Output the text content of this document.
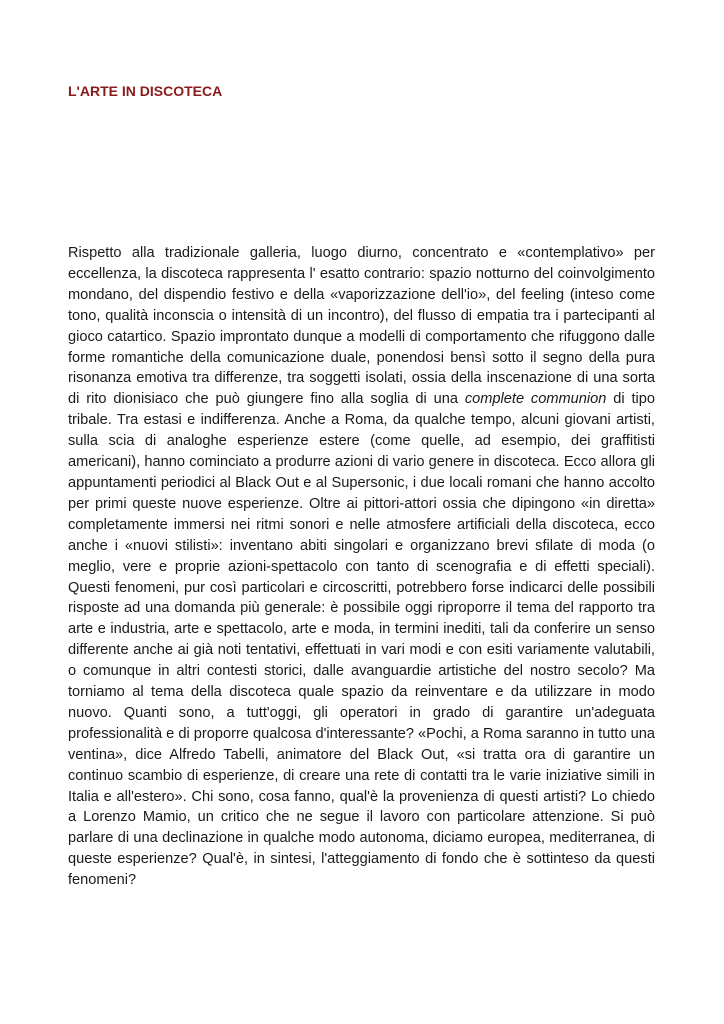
L'ARTE IN DISCOTECA

Rispetto alla tradizionale galleria, luogo diurno, concentrato e «contemplativo» per eccellenza, la discoteca rappresenta l' esatto contrario: spazio notturno del coinvolgimento mondano, del dispendio festivo e della «vaporizzazione dell'io», del feeling (inteso come tono, qualità inconscia o intensità di un incontro), del flusso di empatia tra i partecipanti al gioco catartico. Spazio improntato dunque a modelli di comportamento che rifuggono dalle forme romantiche della comunicazione duale, ponendosi bensì sotto il segno della pura risonanza emotiva tra differenze, tra soggetti isolati, ossia della inscenazione di una sorta di rito dionisiaco che può giungere fino alla soglia di una complete communion di tipo tribale. Tra estasi e indifferenza. Anche a Roma, da qualche tempo, alcuni giovani artisti, sulla scia di analoghe esperienze estere (come quelle, ad esempio, dei graffitisti americani), hanno cominciato a produrre azioni di vario genere in discoteca. Ecco allora gli appuntamenti periodici al Black Out e al Supersonic, i due locali romani che hanno accolto per primi queste nuove esperienze. Oltre ai pittori-attori ossia che dipingono «in diretta» completamente immersi nei ritmi sonori e nelle atmosfere artificiali della discoteca, ecco anche i «nuovi stilisti»: inventano abiti singolari e organizzano brevi sfilate di moda (o meglio, vere e proprie azioni-spettacolo con tanto di scenografia e di effetti speciali). Questi fenomeni, pur così particolari e circoscritti, potrebbero forse indicarci delle possibili risposte ad una domanda più generale: è possibile oggi riproporre il tema del rapporto tra arte e industria, arte e spettacolo, arte e moda, in termini inediti, tali da conferire un senso differente anche ai già noti tentativi, effettuati in vari modi e con esiti variamente valutabili, o comunque in altri contesti storici, dalle avanguardie artistiche del nostro secolo? Ma torniamo al tema della discoteca quale spazio da reinventare e da utilizzare in modo nuovo. Quanti sono, a tutt'oggi, gli operatori in grado di garantire un'adeguata professionalità e di proporre qualcosa d'interessante? «Pochi, a Roma saranno in tutto una ventina», dice Alfredo Tabelli, animatore del Black Out, «si tratta ora di garantire un continuo scambio di esperienze, di creare una rete di contatti tra le varie iniziative simili in Italia e all'estero». Chi sono, cosa fanno, qual'è la provenienza di questi artisti? Lo chiedo a Lorenzo Mamio, un critico che ne segue il lavoro con particolare attenzione. Si può parlare di una declinazione in qualche modo autonoma, diciamo europea, mediterranea, di queste esperienze? Qual'è, in sintesi, l'atteggiamento di fondo che è sottinteso da questi fenomeni?
